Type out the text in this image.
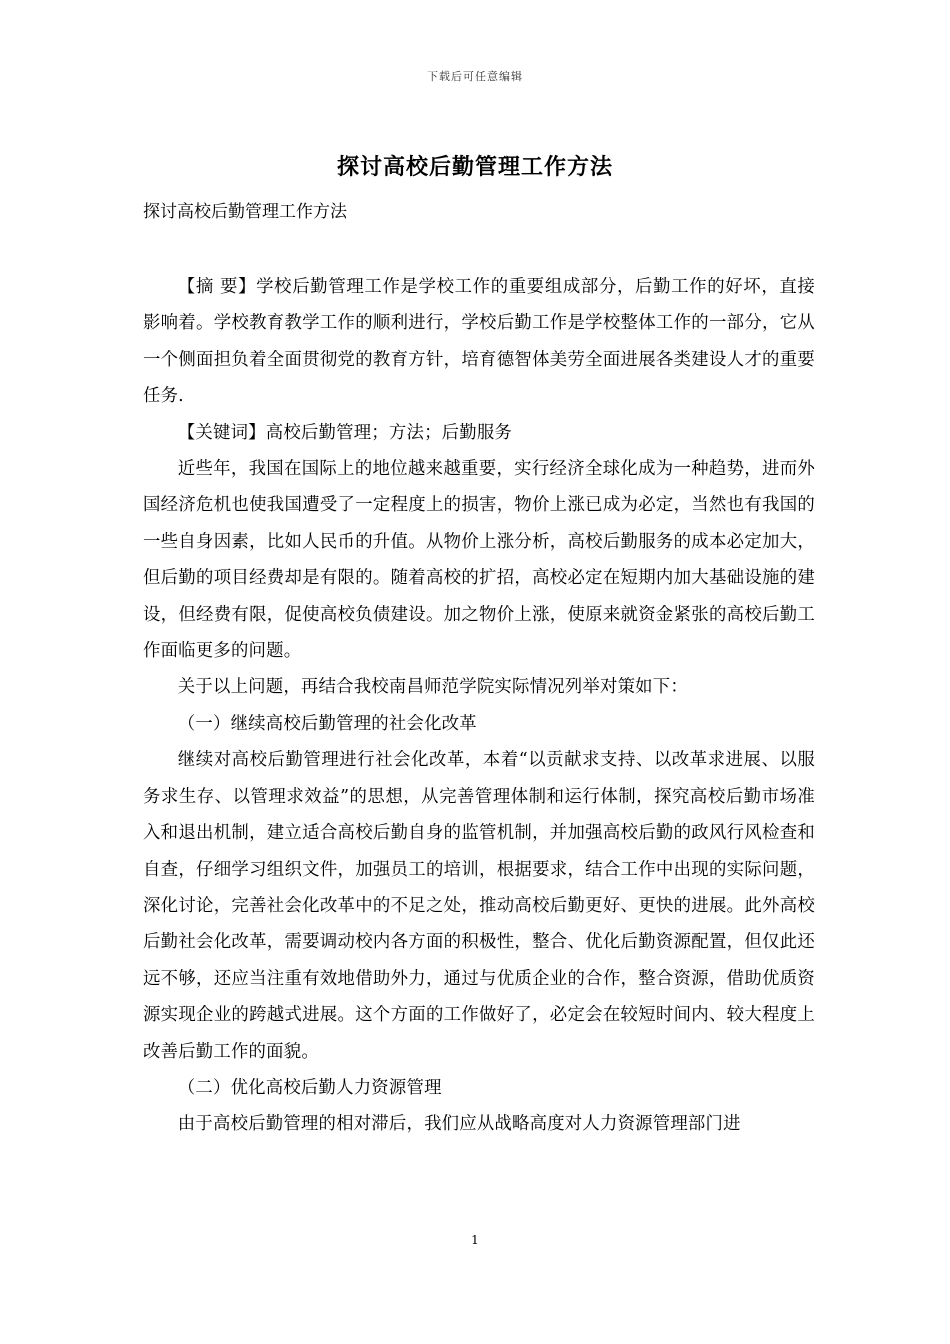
下载后可任意编辑
探讨高校后勤管理工作方法
探讨高校后勤管理工作方法

【摘 要】学校后勤管理工作是学校工作的重要组成部分，后勤工作的好坏，直接影响着。学校教育教学工作的顺利进行，学校后勤工作是学校整体工作的一部分，它从一个侧面担负着全面贯彻党的教育方针，培育德智体美劳全面进展各类建设人才的重要任务.

【关键词】高校后勤管理；方法；后勤服务

近些年，我国在国际上的地位越来越重要，实行经济全球化成为一种趋势，进而外国经济危机也使我国遭受了一定程度上的损害，物价上涨已成为必定，当然也有我国的一些自身因素，比如人民币的升值。从物价上涨分析，高校后勤服务的成本必定加大，但后勤的项目经费却是有限的。随着高校的扩招，高校必定在短期内加大基础设施的建设，但经费有限，促使高校负债建设。加之物价上涨，使原来就资金紧张的高校后勤工作面临更多的问题。

关于以上问题，再结合我校南昌师范学院实际情况列举对策如下：

（一）继续高校后勤管理的社会化改革

继续对高校后勤管理进行社会化改革，本着“以贡献求支持、以改革求进展、以服务求生存、以管理求效益”的思想，从完善管理体制和运行体制，探究高校后勤市场准入和退出机制，建立适合高校后勤自身的监管机制，并加强高校后勤的政风行风检查和自查，仔细学习组织文件，加强员工的培训，根据要求，结合工作中出现的实际问题，深化讨论，完善社会化改革中的不足之处，推动高校后勤更好、更快的进展。此外高校后勤社会化改革，需要调动校内各方面的积极性，整合、优化后勤资源配置，但仅此还远不够，还应当注重有效地借助外力，通过与优质企业的合作，整合资源，借助优质资源实现企业的跨越式进展。这个方面的工作做好了，必定会在较短时间内、较大程度上改善后勤工作的面貌。

（二）优化高校后勤人力资源管理

由于高校后勤管理的相对滞后，我们应从战略高度对人力资源管理部门进

1
